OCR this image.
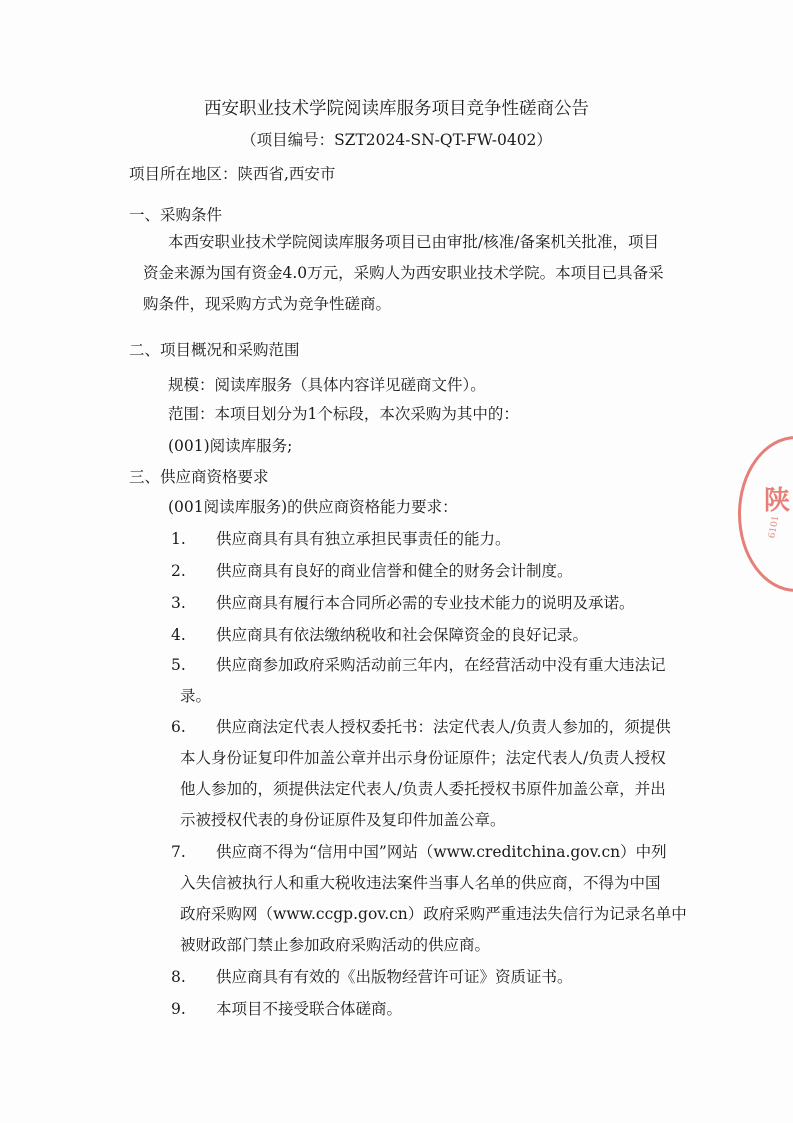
西安职业技术学院阅读库服务项目竞争性磋商公告
（项目编号：SZT2024-SN-QT-FW-0402）
项目所在地区：陕西省,西安市
一、采购条件
本西安职业技术学院阅读库服务项目已由审批/核准/备案机关批准，项目
资金来源为国有资金4.0万元，采购人为西安职业技术学院。本项目已具备采
购条件，现采购方式为竞争性磋商。
二、项目概况和采购范围
规模：阅读库服务（具体内容详见磋商文件）。
范围：本项目划分为1个标段，本次采购为其中的：
(001)阅读库服务;
三、供应商资格要求
(001阅读库服务)的供应商资格能力要求：
1. 供应商具有具有独立承担民事责任的能力。
2. 供应商具有良好的商业信誉和健全的财务会计制度。
3. 供应商具有履行本合同所必需的专业技术能力的说明及承诺。
4. 供应商具有依法缴纳税收和社会保障资金的良好记录。
5. 供应商参加政府采购活动前三年内，在经营活动中没有重大违法记
录。
6. 供应商法定代表人授权委托书：法定代表人/负责人参加的，须提供
本人身份证复印件加盖公章并出示身份证原件；法定代表人/负责人授权
他人参加的，须提供法定代表人/负责人委托授权书原件加盖公章，并出
示被授权代表的身份证原件及复印件加盖公章。
7. 供应商不得为“信用中国”网站（www.creditchina.gov.cn）中列
入失信被执行人和重大税收违法案件当事人名单的供应商，不得为中国
政府采购网（www.ccgp.gov.cn）政府采购严重违法失信行为记录名单中
被财政部门禁止参加政府采购活动的供应商。
8. 供应商具有有效的《出版物经营许可证》资质证书。
9. 本项目不接受联合体磋商。
陕
6101
